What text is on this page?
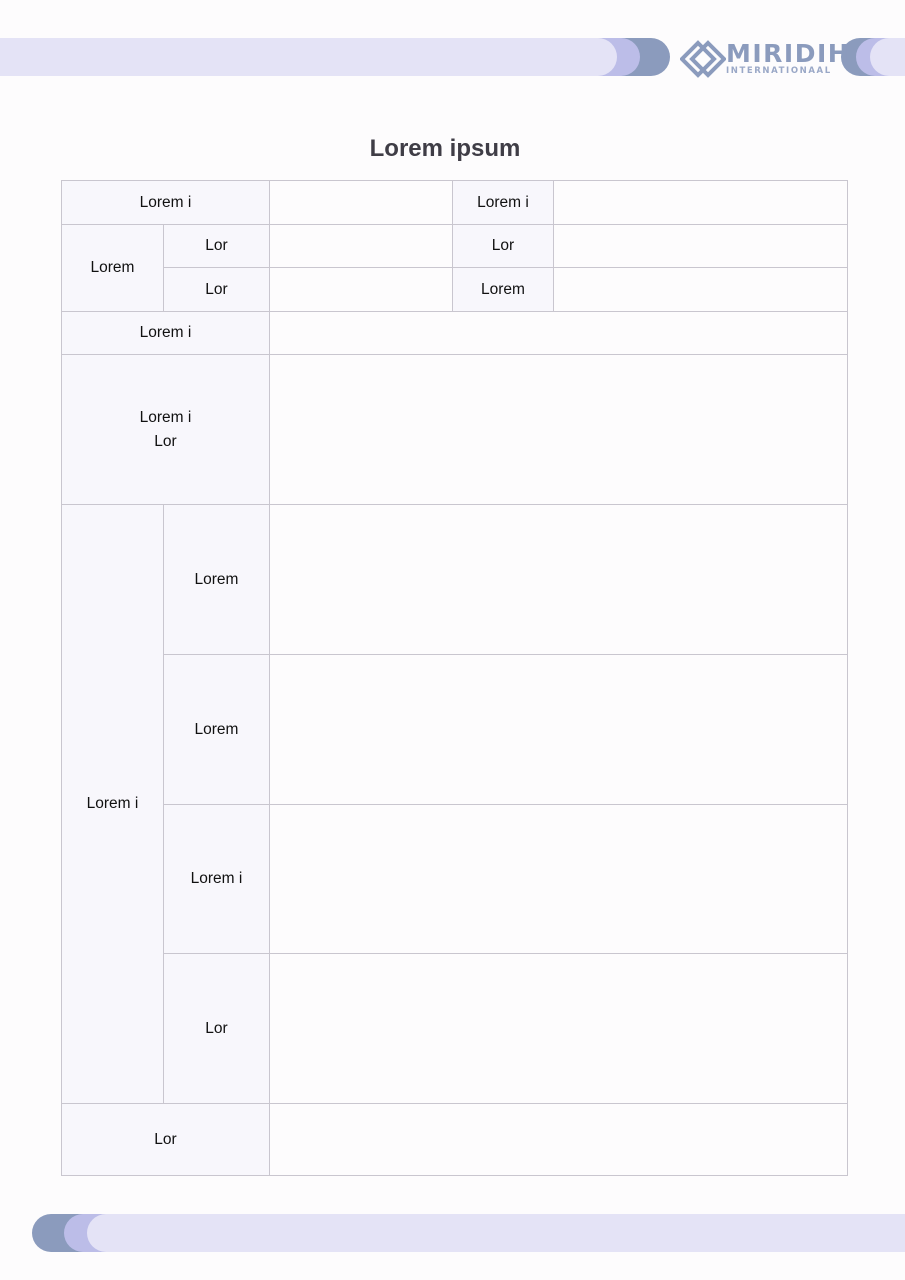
MIRIDIH
INTERNATIONAAL
Lorem ipsum
Lorem i			Lorem i	
Lorem	Lor		Lor	
	Lor		Lorem	
Lorem i				

Lorem i
Lor				

Lorem i	Lorem			
	Lorem			
	Lorem i			
	Lor			
Lor				
